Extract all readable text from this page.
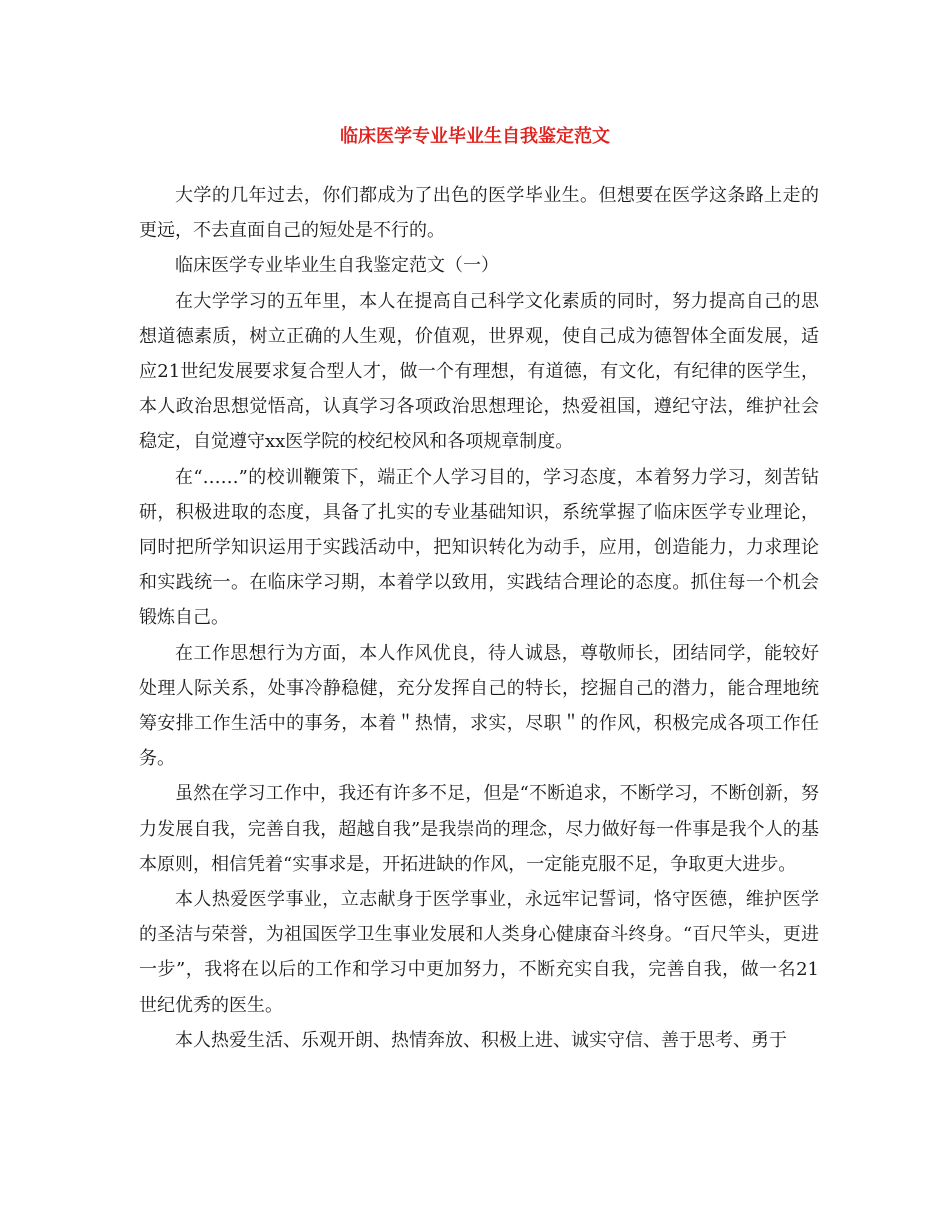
临床医学专业毕业生自我鉴定范文

大学的几年过去，你们都成为了出色的医学毕业生。但想要在医学这条路上走的更远，不去直面自己的短处是不行的。

临床医学专业毕业生自我鉴定范文（一）

在大学学习的五年里，本人在提高自己科学文化素质的同时，努力提高自己的思想道德素质，树立正确的人生观，价值观，世界观，使自己成为德智体全面发展，适应21世纪发展要求复合型人才，做一个有理想，有道德，有文化，有纪律的医学生，本人政治思想觉悟高，认真学习各项政治思想理论，热爱祖国，遵纪守法，维护社会稳定，自觉遵守xx医学院的校纪校风和各项规章制度。

在“……”的校训鞭策下，端正个人学习目的，学习态度，本着努力学习，刻苦钻研，积极进取的态度，具备了扎实的专业基础知识，系统掌握了临床医学专业理论，同时把所学知识运用于实践活动中，把知识转化为动手，应用，创造能力，力求理论和实践统一。在临床学习期，本着学以致用，实践结合理论的态度。抓住每一个机会锻炼自己。

在工作思想行为方面，本人作风优良，待人诚恳，尊敬师长，团结同学，能较好处理人际关系，处事冷静稳健，充分发挥自己的特长，挖掘自己的潜力，能合理地统筹安排工作生活中的事务，本着＂热情，求实，尽职＂的作风，积极完成各项工作任务。

虽然在学习工作中，我还有许多不足，但是“不断追求，不断学习，不断创新，努力发展自我，完善自我，超越自我”是我崇尚的理念，尽力做好每一件事是我个人的基本原则，相信凭着“实事求是，开拓进缺的作风，一定能克服不足，争取更大进步。

本人热爱医学事业，立志献身于医学事业，永远牢记誓词，恪守医德，维护医学的圣洁与荣誉，为祖国医学卫生事业发展和人类身心健康奋斗终身。“百尺竿头，更进一步”，我将在以后的工作和学习中更加努力，不断充实自我，完善自我，做一名21世纪优秀的医生。

本人热爱生活、乐观开朗、热情奔放、积极上进、诚实守信、善于思考、勇于
